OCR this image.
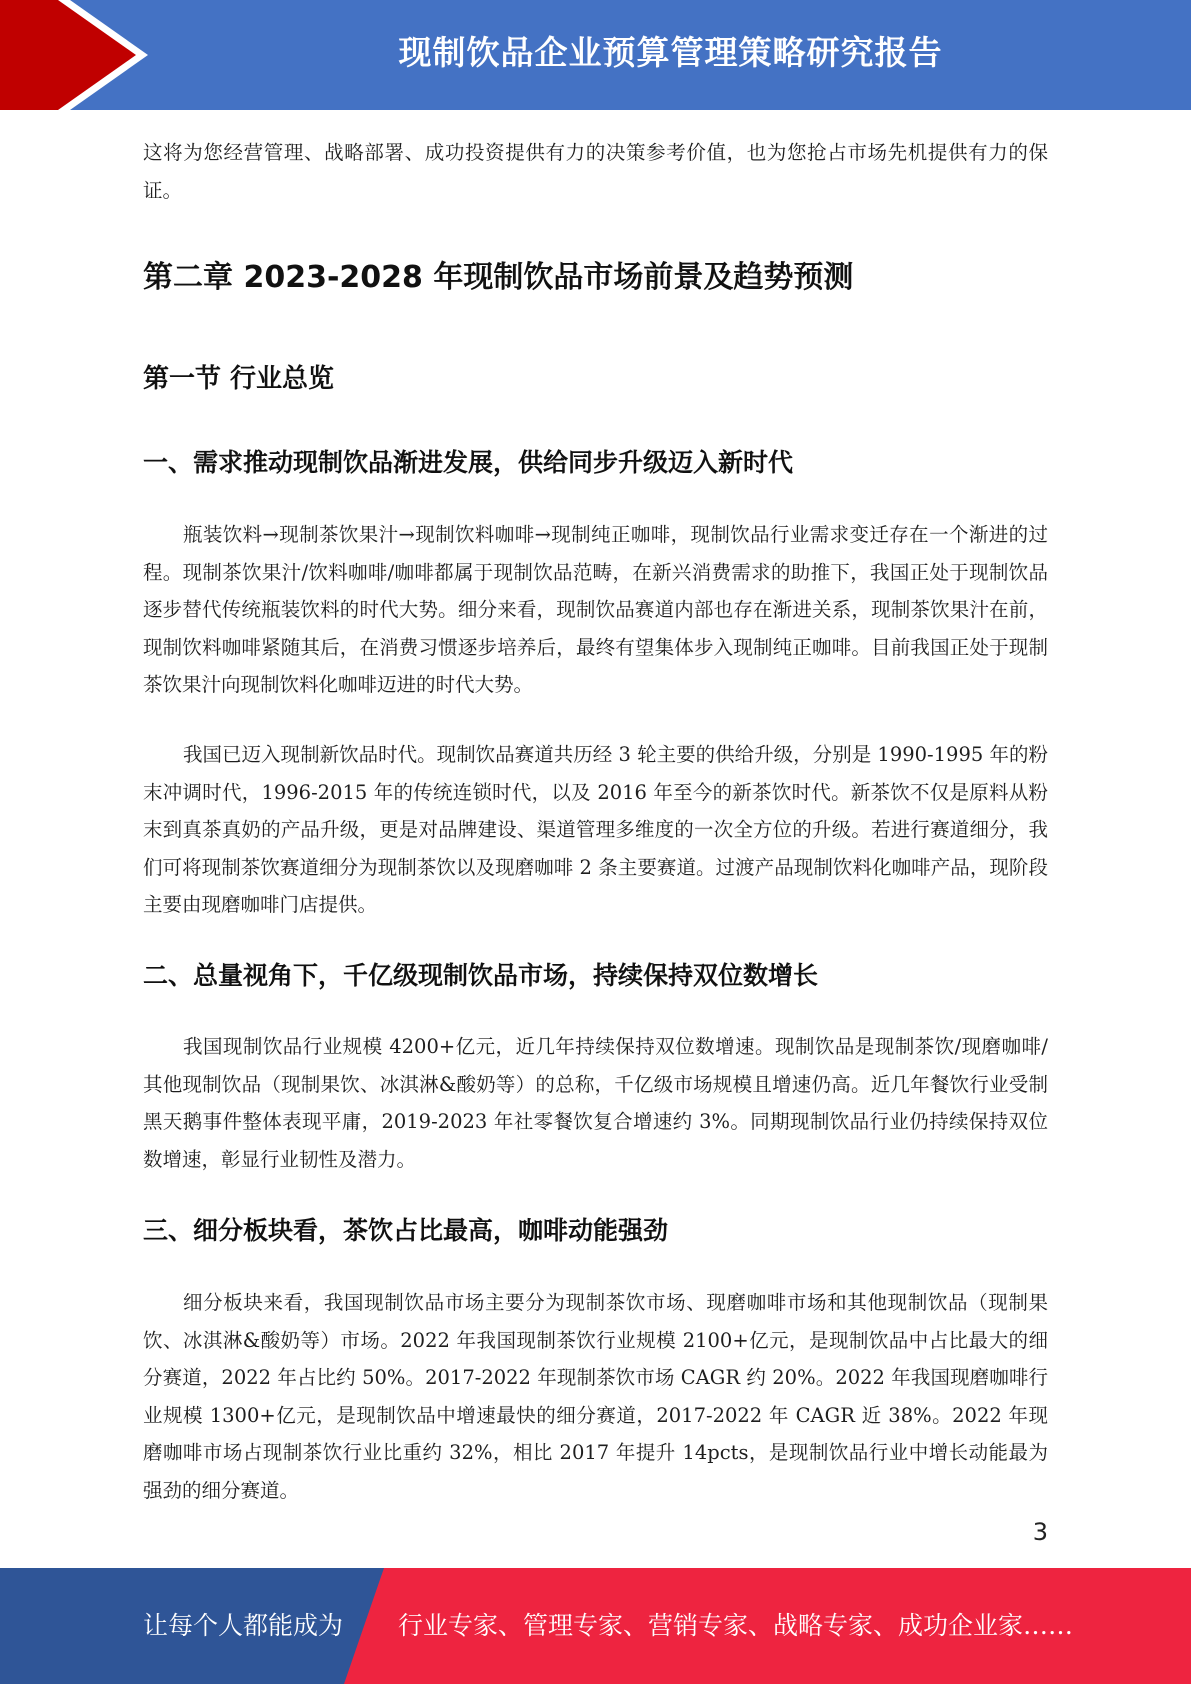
现制饮品企业预算管理策略研究报告

这将为您经营管理、战略部署、成功投资提供有力的决策参考价值，也为您抢占市场先机提供有力的保证。

第二章 2023-2028 年现制饮品市场前景及趋势预测
第一节 行业总览
一、需求推动现制饮品渐进发展，供给同步升级迈入新时代

瓶装饮料→现制茶饮果汁→现制饮料咖啡→现制纯正咖啡，现制饮品行业需求变迁存在一个渐进的过程。现制茶饮果汁/饮料咖啡/咖啡都属于现制饮品范畴，在新兴消费需求的助推下，我国正处于现制饮品逐步替代传统瓶装饮料的时代大势。细分来看，现制饮品赛道内部也存在渐进关系，现制茶饮果汁在前，现制饮料咖啡紧随其后，在消费习惯逐步培养后，最终有望集体步入现制纯正咖啡。目前我国正处于现制茶饮果汁向现制饮料化咖啡迈进的时代大势。

我国已迈入现制新饮品时代。现制饮品赛道共历经 3 轮主要的供给升级，分别是 1990-1995 年的粉末冲调时代，1996-2015 年的传统连锁时代，以及 2016 年至今的新茶饮时代。新茶饮不仅是原料从粉末到真茶真奶的产品升级，更是对品牌建设、渠道管理多维度的一次全方位的升级。若进行赛道细分，我们可将现制茶饮赛道细分为现制茶饮以及现磨咖啡 2 条主要赛道。过渡产品现制饮料化咖啡产品，现阶段主要由现磨咖啡门店提供。

二、总量视角下，千亿级现制饮品市场，持续保持双位数增长

我国现制饮品行业规模 4200+亿元，近几年持续保持双位数增速。现制饮品是现制茶饮/现磨咖啡/其他现制饮品（现制果饮、冰淇淋&酸奶等）的总称，千亿级市场规模且增速仍高。近几年餐饮行业受制黑天鹅事件整体表现平庸，2019-2023 年社零餐饮复合增速约 3%。同期现制饮品行业仍持续保持双位数增速，彰显行业韧性及潜力。

三、细分板块看，茶饮占比最高，咖啡动能强劲

细分板块来看，我国现制饮品市场主要分为现制茶饮市场、现磨咖啡市场和其他现制饮品（现制果饮、冰淇淋&酸奶等）市场。2022 年我国现制茶饮行业规模 2100+亿元，是现制饮品中占比最大的细分赛道，2022 年占比约 50%。2017-2022 年现制茶饮市场 CAGR 约 20%。2022 年我国现磨咖啡行业规模 1300+亿元，是现制饮品中增速最快的细分赛道，2017-2022 年 CAGR 近 38%。2022 年现磨咖啡市场占现制茶饮行业比重约 32%，相比 2017 年提升 14pcts，是现制饮品行业中增长动能最为强劲的细分赛道。

3
让每个人都能成为 行业专家、管理专家、营销专家、战略专家、成功企业家……
